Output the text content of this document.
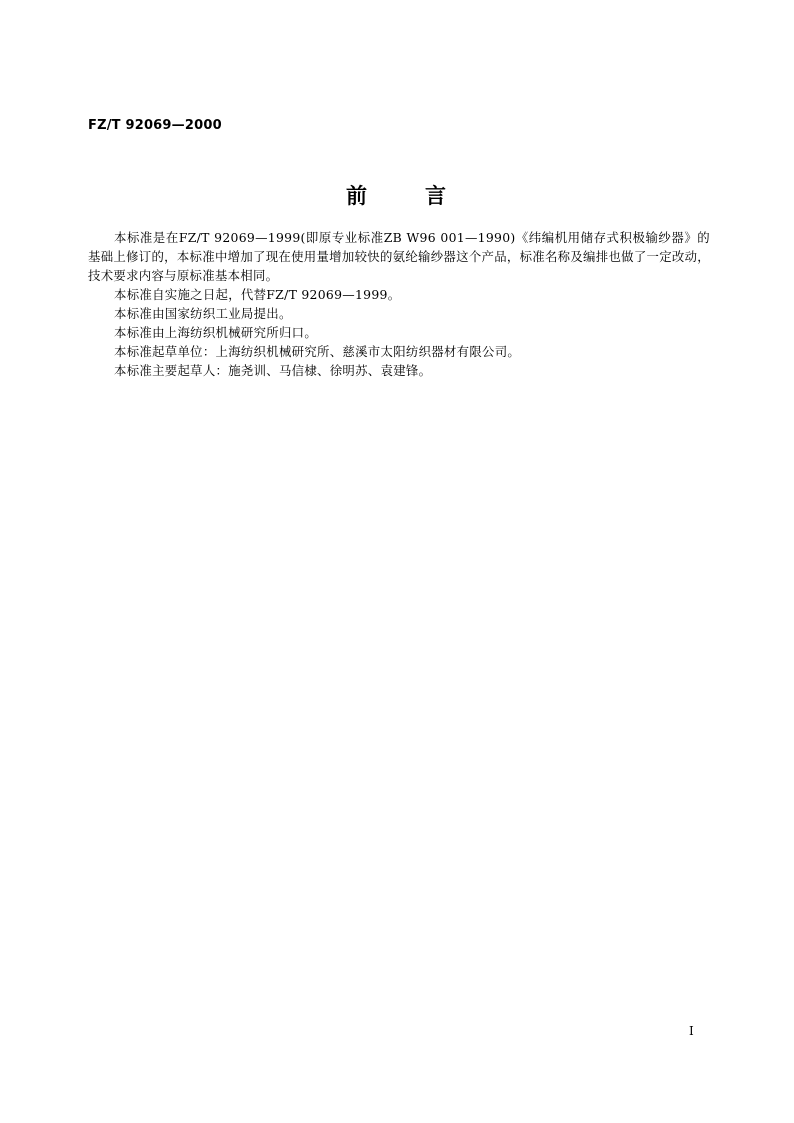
FZ/T 92069—2000
前	言

本标准是在FZ/T 92069—1999(即原专业标准ZB W96 001—1990)《纬编机用储存式积极输纱器》的基础上修订的，本标准中增加了现在使用量增加较快的氨纶输纱器这个产品，标准名称及编排也做了一定改动，技术要求内容与原标准基本相同。

本标准自实施之日起，代替FZ/T 92069—1999。

本标准由国家纺织工业局提出。

本标准由上海纺织机械研究所归口。

本标准起草单位：上海纺织机械研究所、慈溪市太阳纺织器材有限公司。

本标准主要起草人：施尧训、马信棣、徐明苏、袁建锋。

I
